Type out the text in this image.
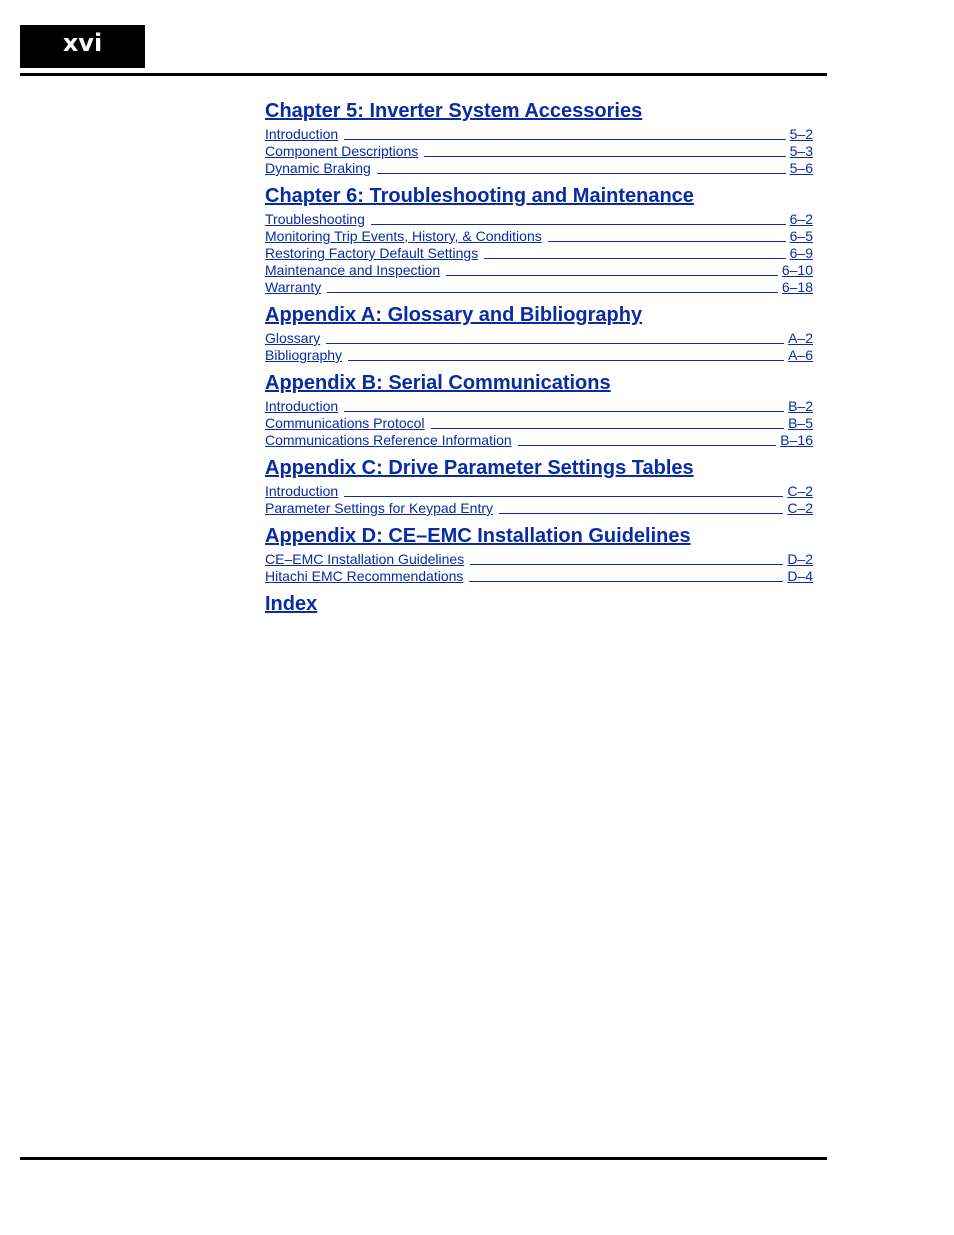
xvi
Chapter 5: Inverter System Accessories
Introduction	5–2
Component Descriptions	5–3
Dynamic Braking	5–6
Chapter 6: Troubleshooting and Maintenance
Troubleshooting	6–2
Monitoring Trip Events, History, & Conditions	6–5
Restoring Factory Default Settings	6–9
Maintenance and Inspection	6–10
Warranty	6–18
Appendix A: Glossary and Bibliography
Glossary	A–2
Bibliography	A–6
Appendix B: Serial Communications
Introduction	B–2
Communications Protocol	B–5
Communications Reference Information	B–16
Appendix C: Drive Parameter Settings Tables
Introduction	C–2
Parameter Settings for Keypad Entry	C–2
Appendix D: CE–EMC Installation Guidelines
CE–EMC Installation Guidelines	D–2
Hitachi EMC Recommendations	D–4
Index
